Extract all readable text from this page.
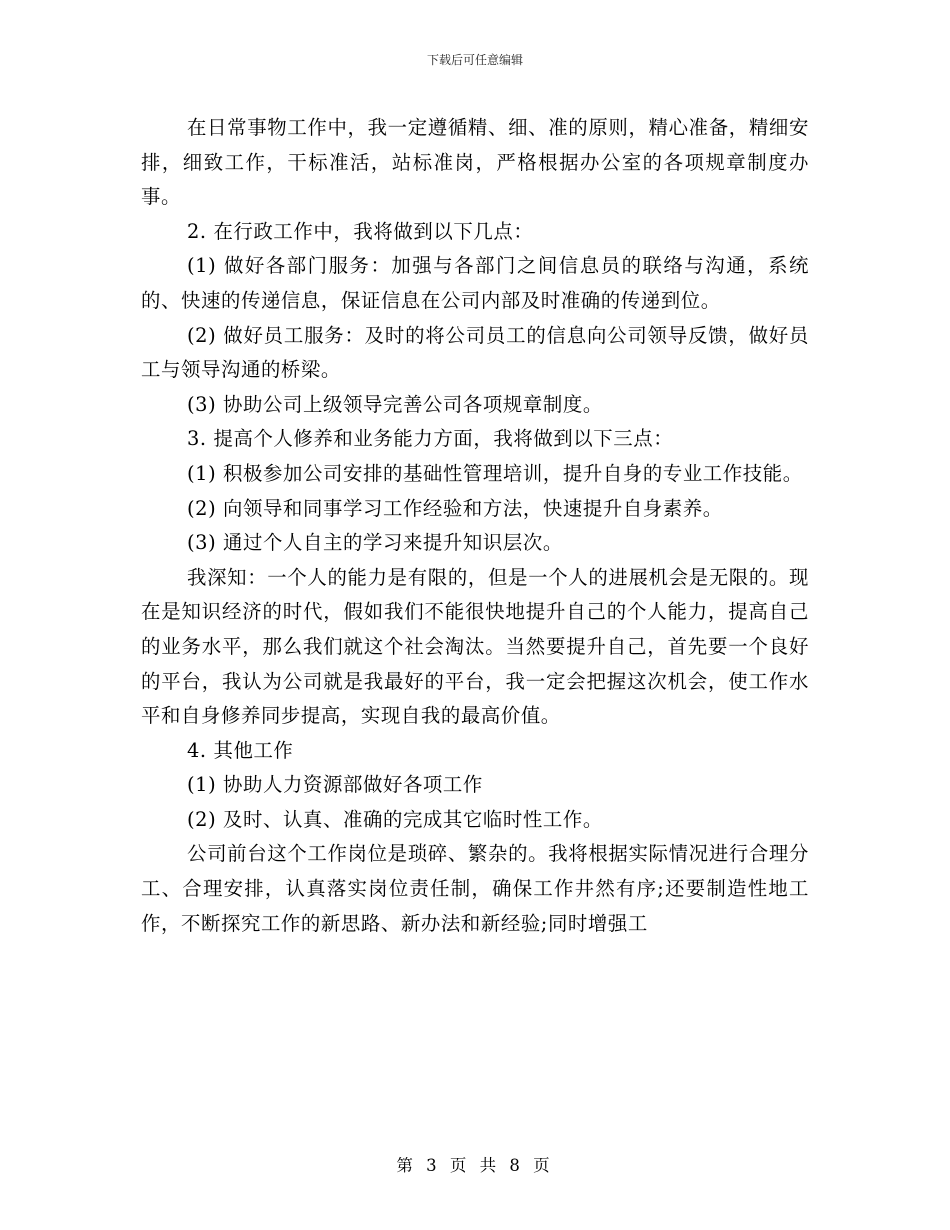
下载后可任意编辑

在日常事物工作中，我一定遵循精、细、准的原则，精心准备，精细安排，细致工作，干标准活，站标准岗，严格根据办公室的各项规章制度办事。

2. 在行政工作中，我将做到以下几点：

(1) 做好各部门服务：加强与各部门之间信息员的联络与沟通，系统的、快速的传递信息，保证信息在公司内部及时准确的传递到位。

(2) 做好员工服务：及时的将公司员工的信息向公司领导反馈，做好员工与领导沟通的桥梁。

(3) 协助公司上级领导完善公司各项规章制度。

3. 提高个人修养和业务能力方面，我将做到以下三点：

(1) 积极参加公司安排的基础性管理培训，提升自身的专业工作技能。

(2) 向领导和同事学习工作经验和方法，快速提升自身素养。

(3) 通过个人自主的学习来提升知识层次。

我深知：一个人的能力是有限的，但是一个人的进展机会是无限的。现在是知识经济的时代，假如我们不能很快地提升自己的个人能力，提高自己的业务水平，那么我们就这个社会淘汰。当然要提升自己，首先要一个良好的平台，我认为公司就是我最好的平台，我一定会把握这次机会，使工作水平和自身修养同步提高，实现自我的最高价值。

4. 其他工作

(1) 协助人力资源部做好各项工作

(2) 及时、认真、准确的完成其它临时性工作。

公司前台这个工作岗位是琐碎、繁杂的。我将根据实际情况进行合理分工、合理安排，认真落实岗位责任制，确保工作井然有序;还要制造性地工作，不断探究工作的新思路、新办法和新经验;同时增强工

第 3 页 共 8 页
